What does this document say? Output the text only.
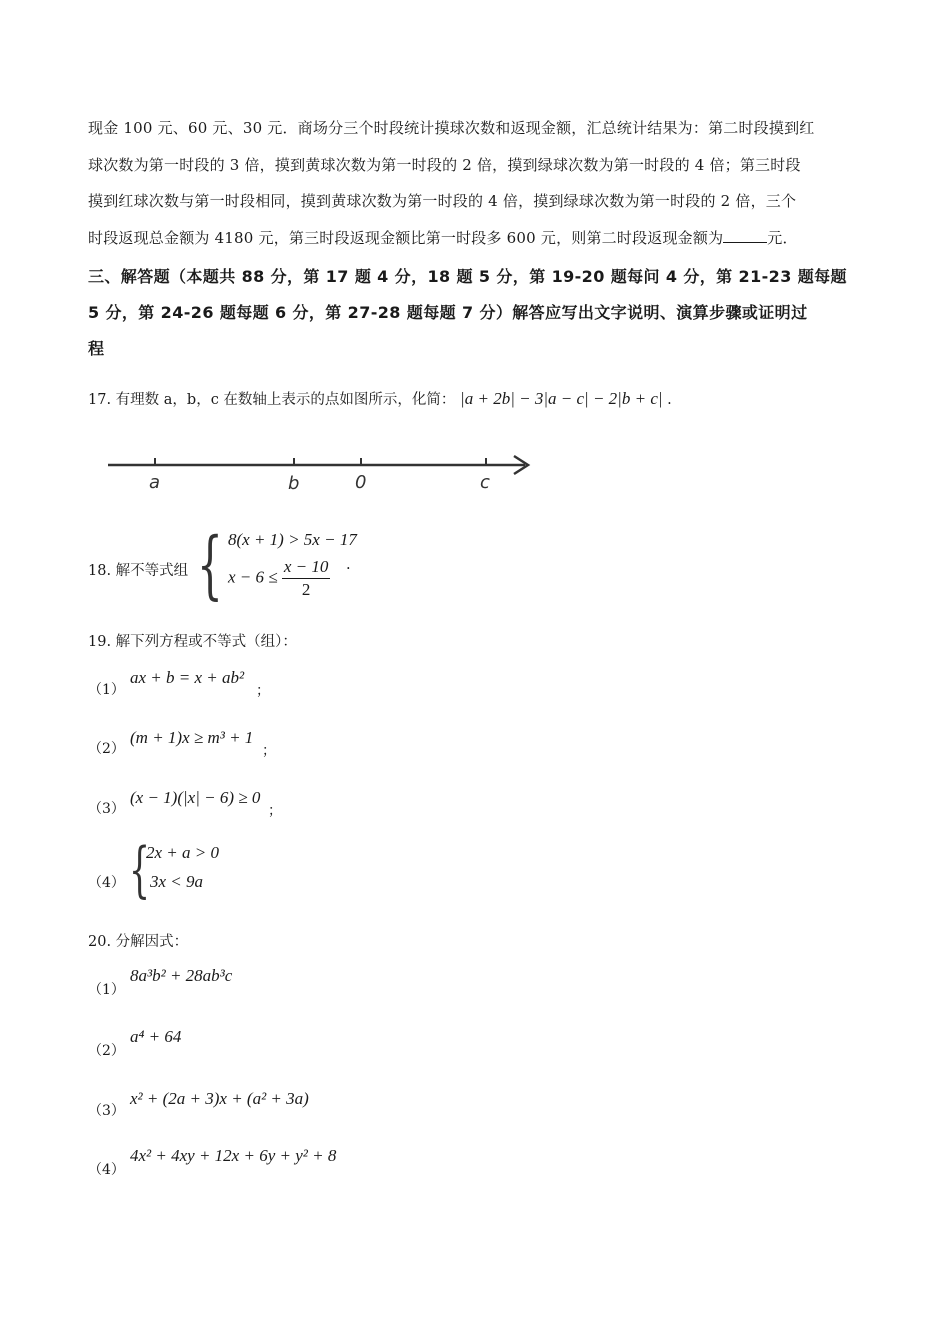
现金 100 元、60 元、30 元．商场分三个时段统计摸球次数和返现金额，汇总统计结果为：第二时段摸到红

球次数为第一时段的 3 倍，摸到黄球次数为第一时段的 2 倍，摸到绿球次数为第一时段的 4 倍；第三时段

摸到红球次数与第一时段相同，摸到黄球次数为第一时段的 4 倍，摸到绿球次数为第一时段的 2 倍，三个

时段返现总金额为 4180 元，第三时段返现金额比第一时段多 600 元，则第二时段返现金额为	元．

三、解答题（本题共 88 分，第 17 题 4 分，18 题 5 分，第 19-20 题每问 4 分，第 21-23 题每题

5 分，第 24-26 题每题 6 分，第 27-28 题每题 7 分）解答应写出文字说明、演算步骤或证明过

程

17. 有理数 a，b，c 在数轴上表示的点如图所示，化简： |a + 2b| − 3|a − c| − 2|b + c| .
a	b	0	c
18. 解不等式组 { 8(x + 1) > 5x − 17
$x - 6 \le \frac{x - 10}{2}$ .
19. 解下列方程或不等式（组）：
（1）
ax + b = x + ab²
；
（2）
(m + 1)x ≥ m³ + 1
；
（3）
(x − 1)(|x| − 6) ≥ 0
；
（4） {
2x + a > 0
3x < 9a
20. 分解因式：
（1）
8a³b² + 28ab³c
（2）
a⁴ + 64
（3）
x² + (2a + 3)x + (a² + 3a)
（4）
4x² + 4xy + 12x + 6y + y² + 8
